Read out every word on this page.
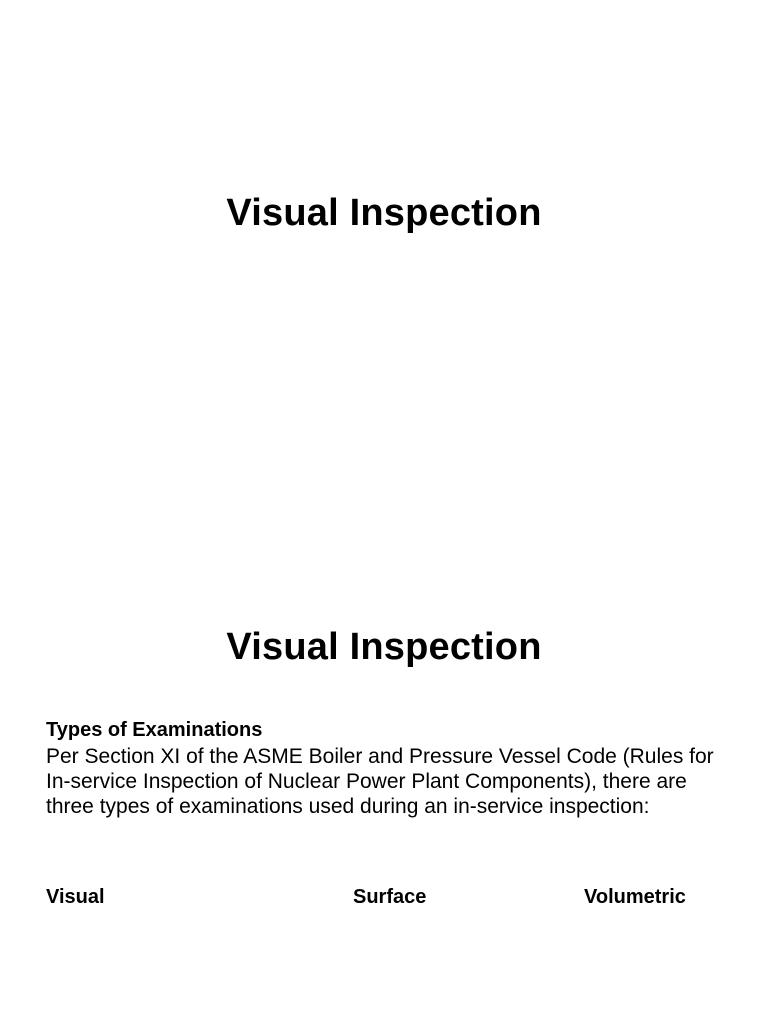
Visual Inspection
Visual Inspection

Types of Examinations

Per Section XI of the ASME Boiler and Pressure Vessel Code (Rules for In-service Inspection of Nuclear Power Plant Components), there are three types of examinations used during an in-service inspection:

Visual	Surface	Volumetric
